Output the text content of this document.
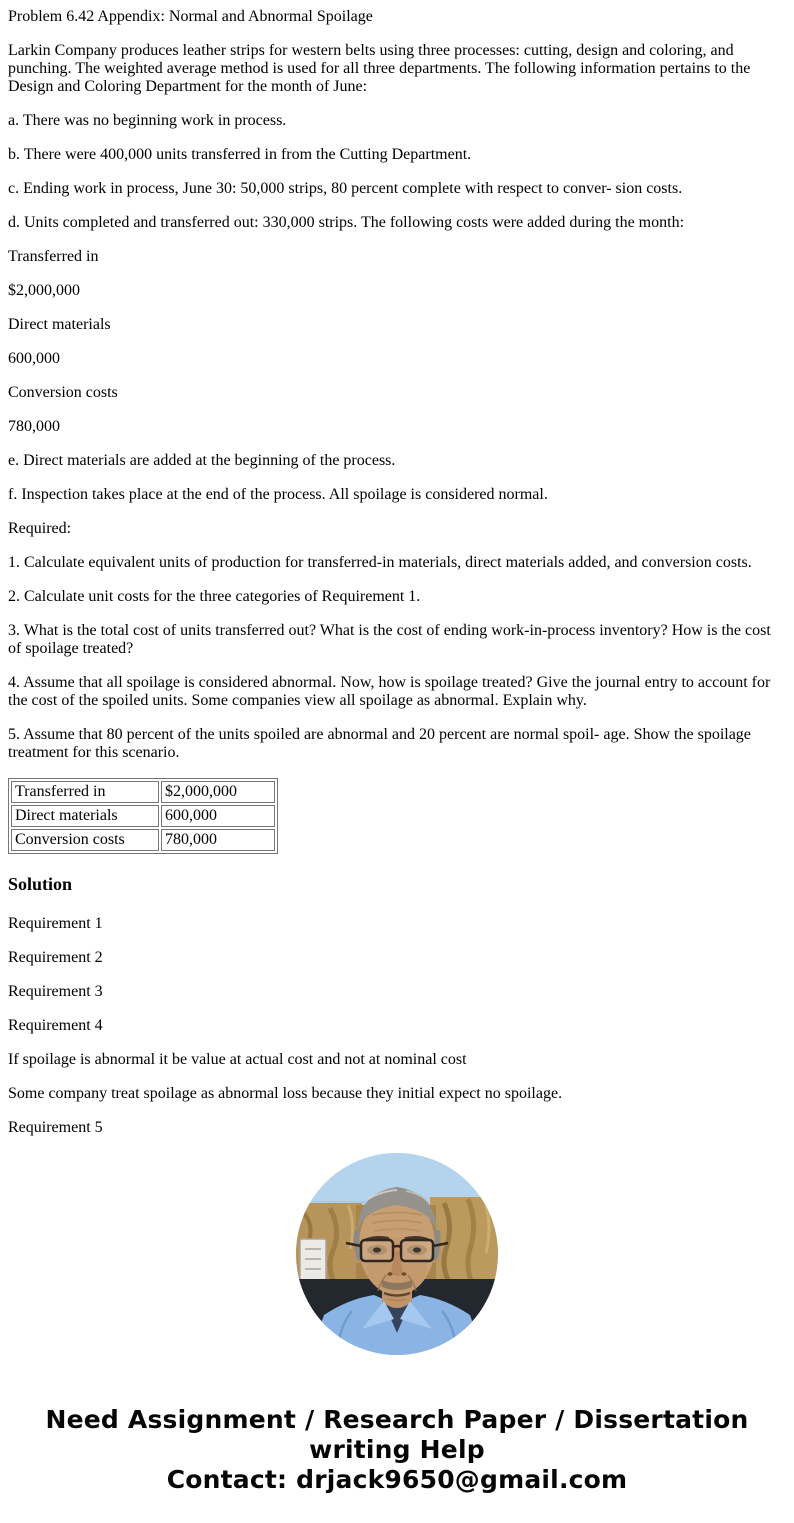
Problem 6.42 Appendix: Normal and Abnormal Spoilage

Larkin Company produces leather strips for western belts using three processes: cutting, design and coloring, and punching. The weighted average method is used for all three departments. The following information pertains to the Design and Coloring Department for the month of June:

a. There was no beginning work in process.

b. There were 400,000 units transferred in from the Cutting Department.

c. Ending work in process, June 30: 50,000 strips, 80 percent complete with respect to conver- sion costs.

d. Units completed and transferred out: 330,000 strips. The following costs were added during the month:

Transferred in

$2,000,000

Direct materials

600,000

Conversion costs

780,000

e. Direct materials are added at the beginning of the process.

f. Inspection takes place at the end of the process. All spoilage is considered normal.

Required:

1. Calculate equivalent units of production for transferred-in materials, direct materials added, and conversion costs.

2. Calculate unit costs for the three categories of Requirement 1.

3. What is the total cost of units transferred out? What is the cost of ending work-in-process inventory? How is the cost of spoilage treated?

4. Assume that all spoilage is considered abnormal. Now, how is spoilage treated? Give the journal entry to account for the cost of the spoiled units. Some companies view all spoilage as abnormal. Explain why.

5. Assume that 80 percent of the units spoiled are abnormal and 20 percent are normal spoil- age. Show the spoilage treatment for this scenario.

Transferred in	$2,000,000
Direct materials	600,000
Conversion costs	780,000
Solution

Requirement 1

Requirement 2

Requirement 3

Requirement 4

If spoilage is abnormal it be value at actual cost and not at nominal cost

Some company treat spoilage as abnormal loss because they initial expect no spoilage.

Requirement 5

Need Assignment / Research Paper / Dissertation
writing Help
Contact: drjack9650@gmail.com
